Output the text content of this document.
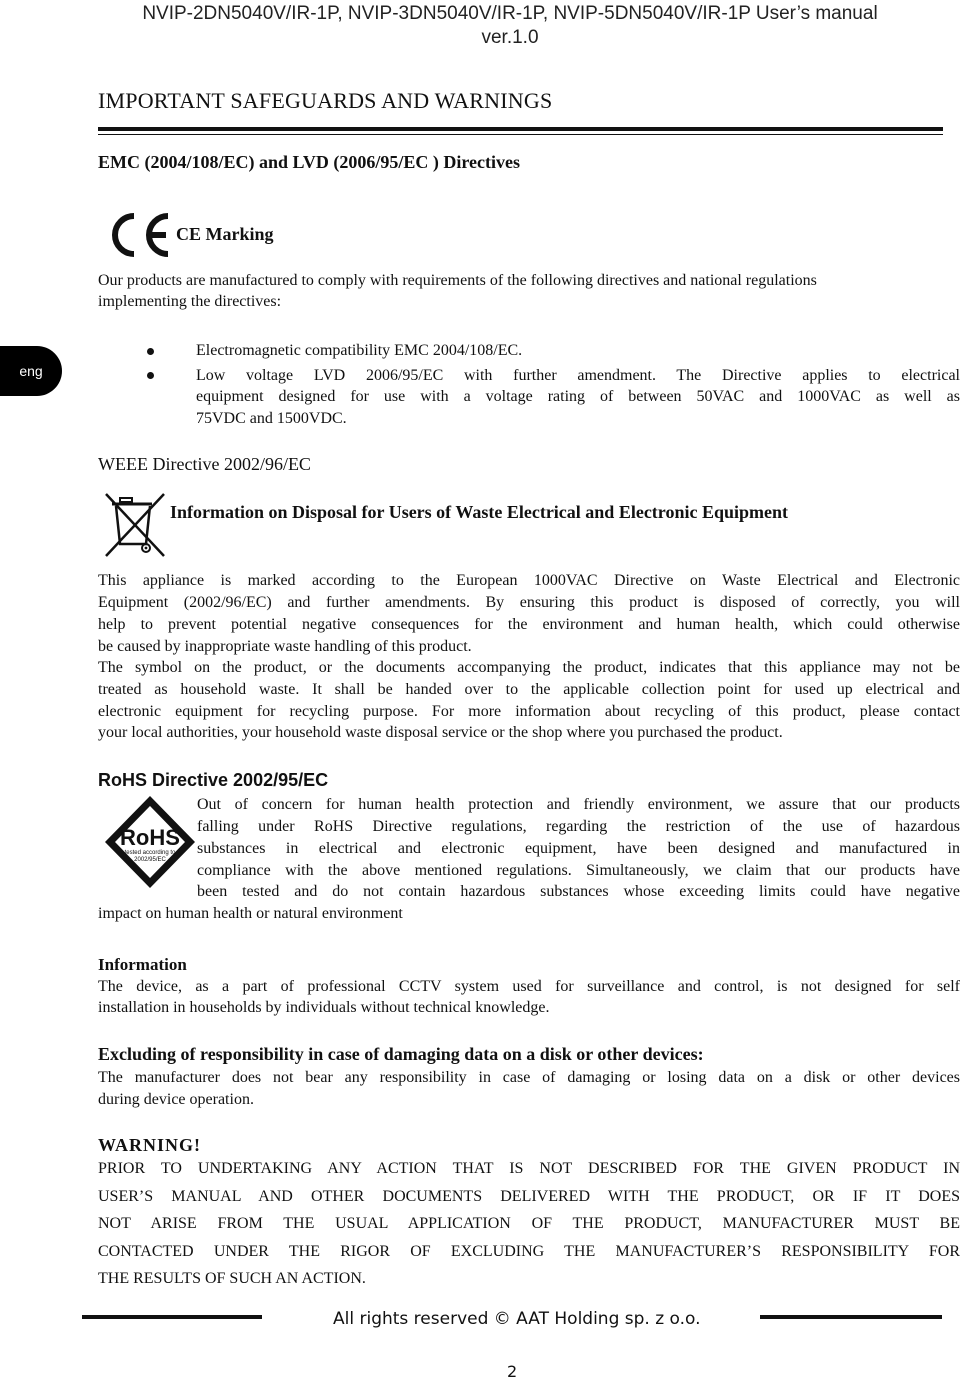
NVIP-2DN5040V/IR-1P, NVIP-3DN5040V/IR-1P, NVIP-5DN5040V/IR-1P User’s manual
ver.1.0
IMPORTANT SAFEGUARDS AND WARNINGS
eng
EMC (2004/108/EC) and LVD (2006/95/EC ) Directives
CE Marking
Our products are manufactured to comply with requirements of the following directives and national regulations
implementing the directives:
Electromagnetic compatibility EMC 2004/108/EC.
Low voltage LVD 2006/95/EC with further amendment. The Directive applies to electrical
equipment designed for use with a voltage rating of between 50VAC and 1000VAC as well as
75VDC and 1500VDC.
WEEE Directive 2002/96/EC
Information on Disposal for Users of Waste Electrical and Electronic Equipment
This appliance is marked according to the European 1000VAC Directive on Waste Electrical and Electronic
Equipment (2002/96/EC) and further amendments. By ensuring this product is disposed of correctly, you will
help to prevent potential negative consequences for the environment and human health, which could otherwise
be caused by inappropriate waste handling of this product.
The symbol on the product, or the documents accompanying the product, indicates that this appliance may not be
treated as household waste. It shall be handed over to the applicable collection point for used up electrical and
electronic equipment for recycling purpose. For more information about recycling of this product, please contact
your local authorities, your household waste disposal service or the shop where you purchased the product.
RoHS Directive 2002/95/EC
RoHS
tested according to
2002/95/EC
Out of concern for human health protection and friendly environment, we assure that our products
falling under RoHS Directive regulations, regarding the restriction of the use of hazardous
substances in electrical and electronic equipment, have been designed and manufactured in
compliance with the above mentioned regulations. Simultaneously, we claim that our products have
been tested and do not contain hazardous substances whose exceeding limits could have negative
impact on human health or natural environment
Information
The device, as a part of professional CCTV system used for surveillance and control, is not designed for self
installation in households by individuals without technical knowledge.
Excluding of responsibility in case of damaging data on a disk or other devices:
The manufacturer does not bear any responsibility in case of damaging or losing data on a disk or other devices
during device operation.
WARNING!
PRIOR TO UNDERTAKING ANY ACTION THAT IS NOT DESCRIBED FOR THE GIVEN PRODUCT IN
USER’S MANUAL AND OTHER DOCUMENTS DELIVERED WITH THE PRODUCT, OR IF IT DOES
NOT ARISE FROM THE USUAL APPLICATION OF THE PRODUCT, MANUFACTURER MUST BE
CONTACTED UNDER THE RIGOR OF EXCLUDING THE MANUFACTURER’S RESPONSIBILITY FOR
THE RESULTS OF SUCH AN ACTION.
All rights reserved © AAT Holding sp. z o.o.
2
